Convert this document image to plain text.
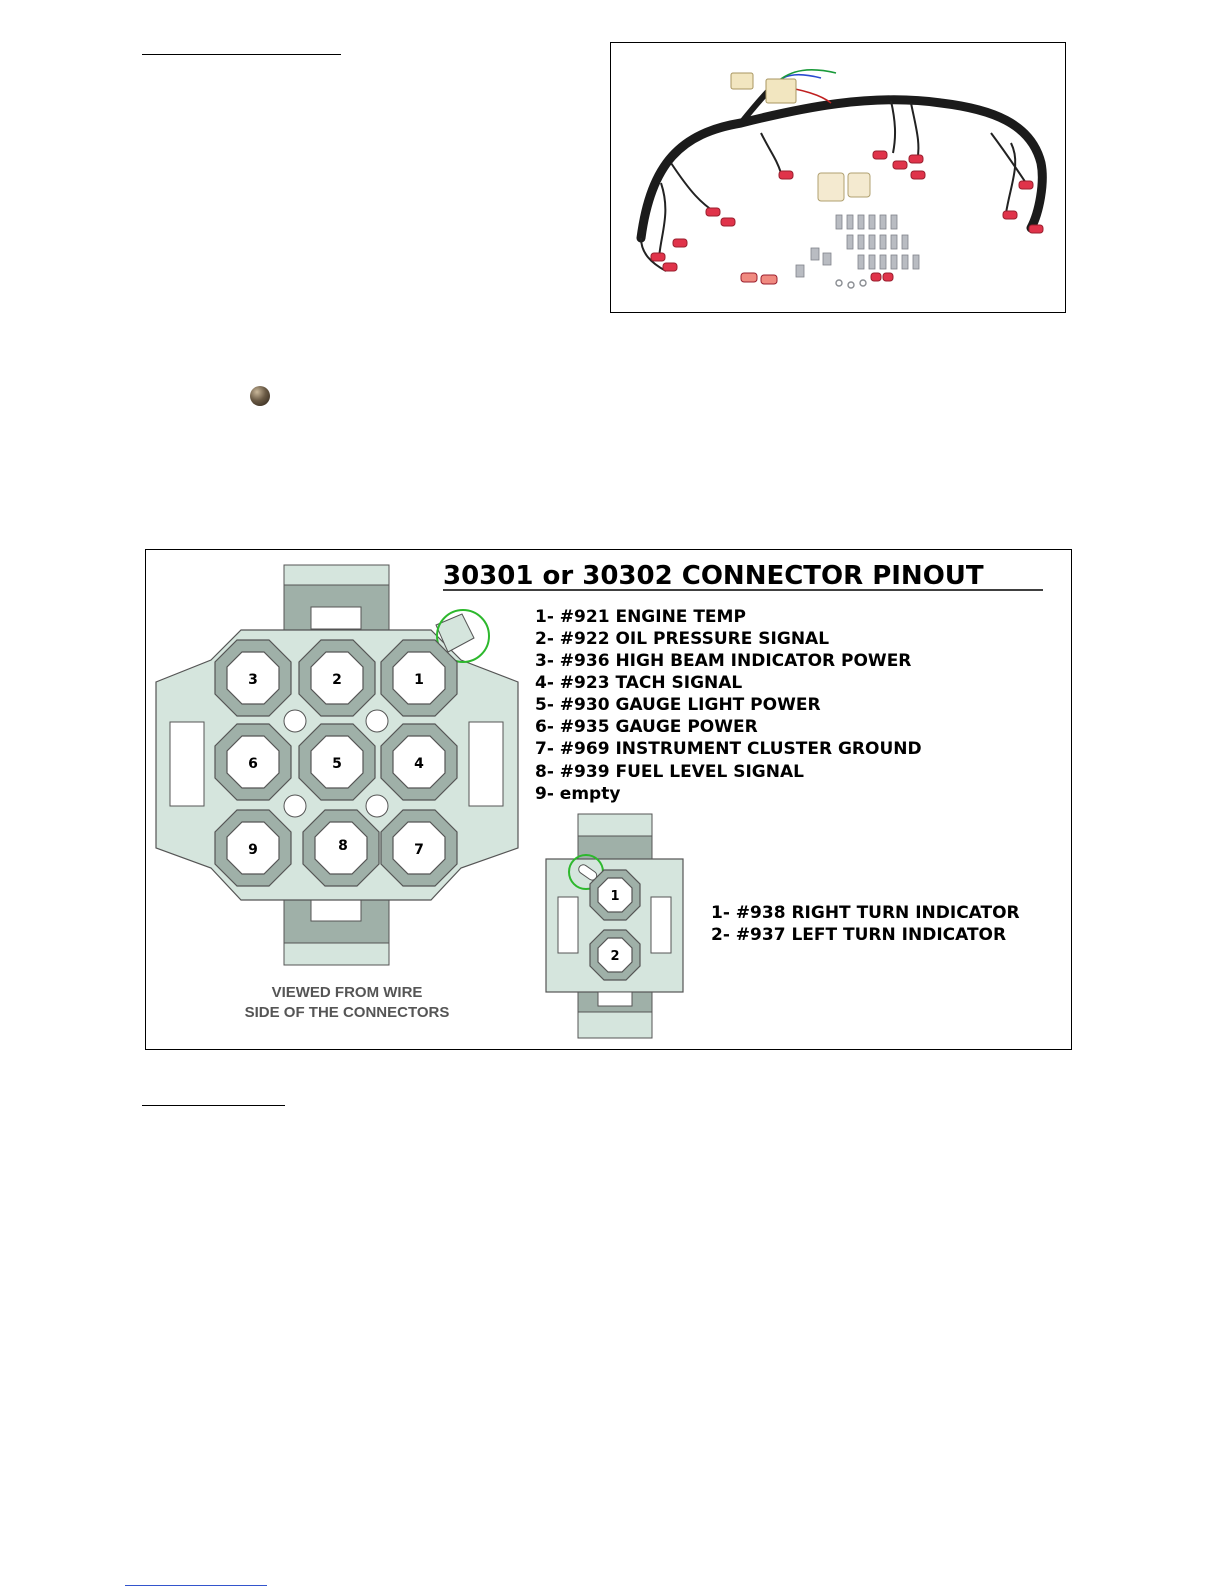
30301 or 30302 CONNECTOR PINOUT
3	2	1
6	5	4
9	8	7
1- #921 ENGINE TEMP
2- #922 OIL PRESSURE SIGNAL
3- #936 HIGH BEAM INDICATOR POWER
4- #923 TACH SIGNAL
5- #930 GAUGE LIGHT POWER
6- #935 GAUGE POWER
7- #969 INSTRUMENT CLUSTER GROUND
8- #939 FUEL LEVEL SIGNAL
9- empty
1
2
1- #938 RIGHT TURN INDICATOR
2- #937 LEFT TURN INDICATOR
VIEWED FROM WIRE
SIDE OF THE CONNECTORS
